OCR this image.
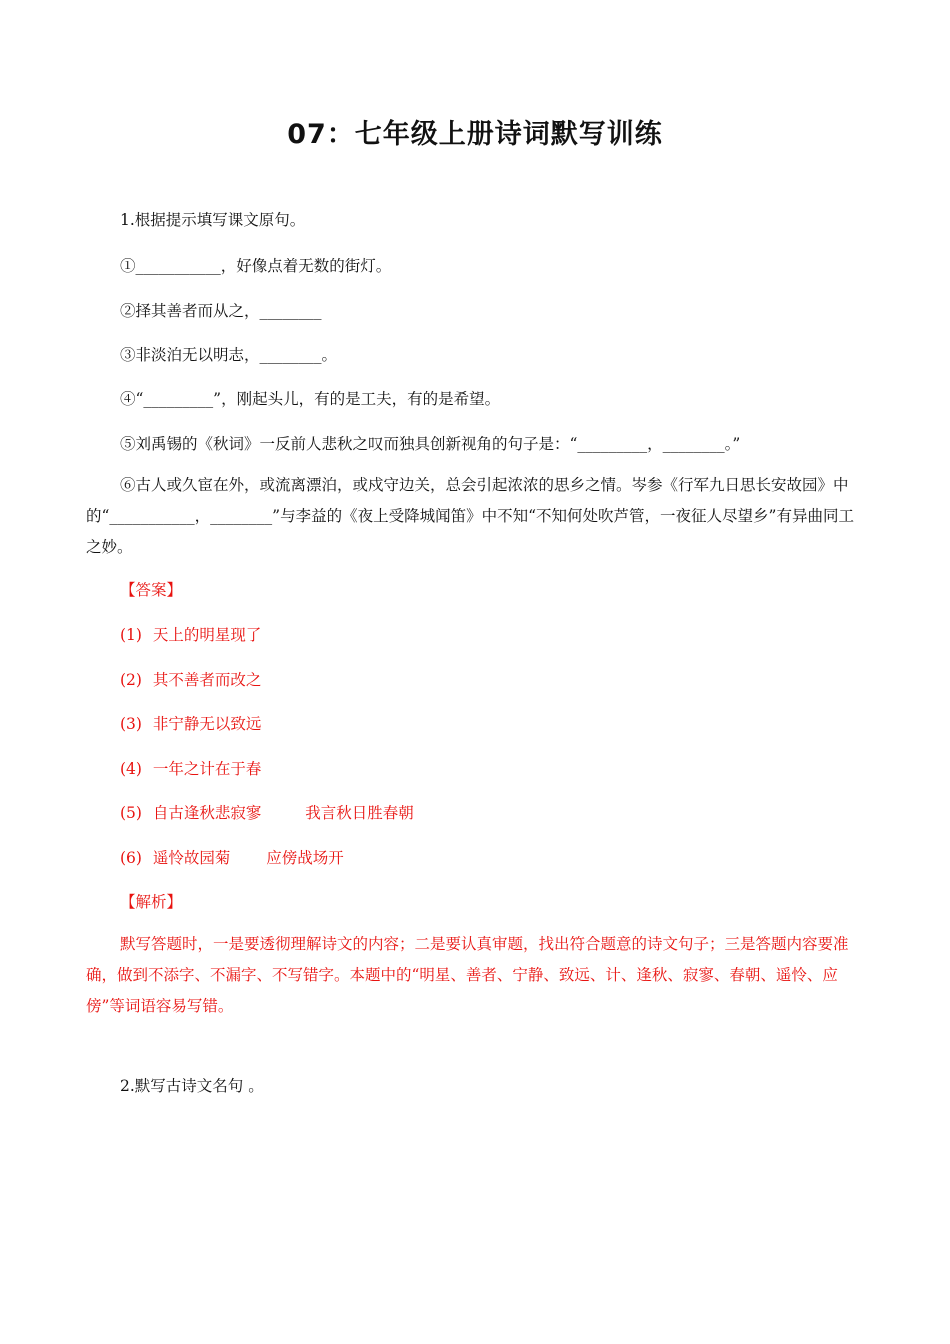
07：七年级上册诗词默写训练
1.根据提示填写课文原句。
①___________，好像点着无数的街灯。
②择其善者而从之，________
③非淡泊无以明志，________。
④“_________”，刚起头儿，有的是工夫，有的是希望。
⑤刘禹锡的《秋词》一反前人悲秋之叹而独具创新视角的句子是：“_________，________。”
⑥古人或久宦在外，或流离漂泊，或戍守边关，总会引起浓浓的思乡之情。岑参《行军九日思长安故园》中的“___________，________”与李益的《夜上受降城闻笛》中不知“不知何处吹芦管，一夜征人尽望乡”有异曲同工之妙。
【答案】
(1) 天上的明星现了
(2) 其不善者而改之
(3) 非宁静无以致远
(4) 一年之计在于春
(5) 自古逢秋悲寂寥	我言秋日胜春朝
(6) 遥怜故园菊 应傍战场开
【解析】
默写答题时，一是要透彻理解诗文的内容；二是要认真审题，找出符合题意的诗文句子；三是答题内容要准确，做到不添字、不漏字、不写错字。本题中的“明星、善者、宁静、致远、计、逢秋、寂寥、春朝、遥怜、应傍”等词语容易写错。
2.默写古诗文名句 。
